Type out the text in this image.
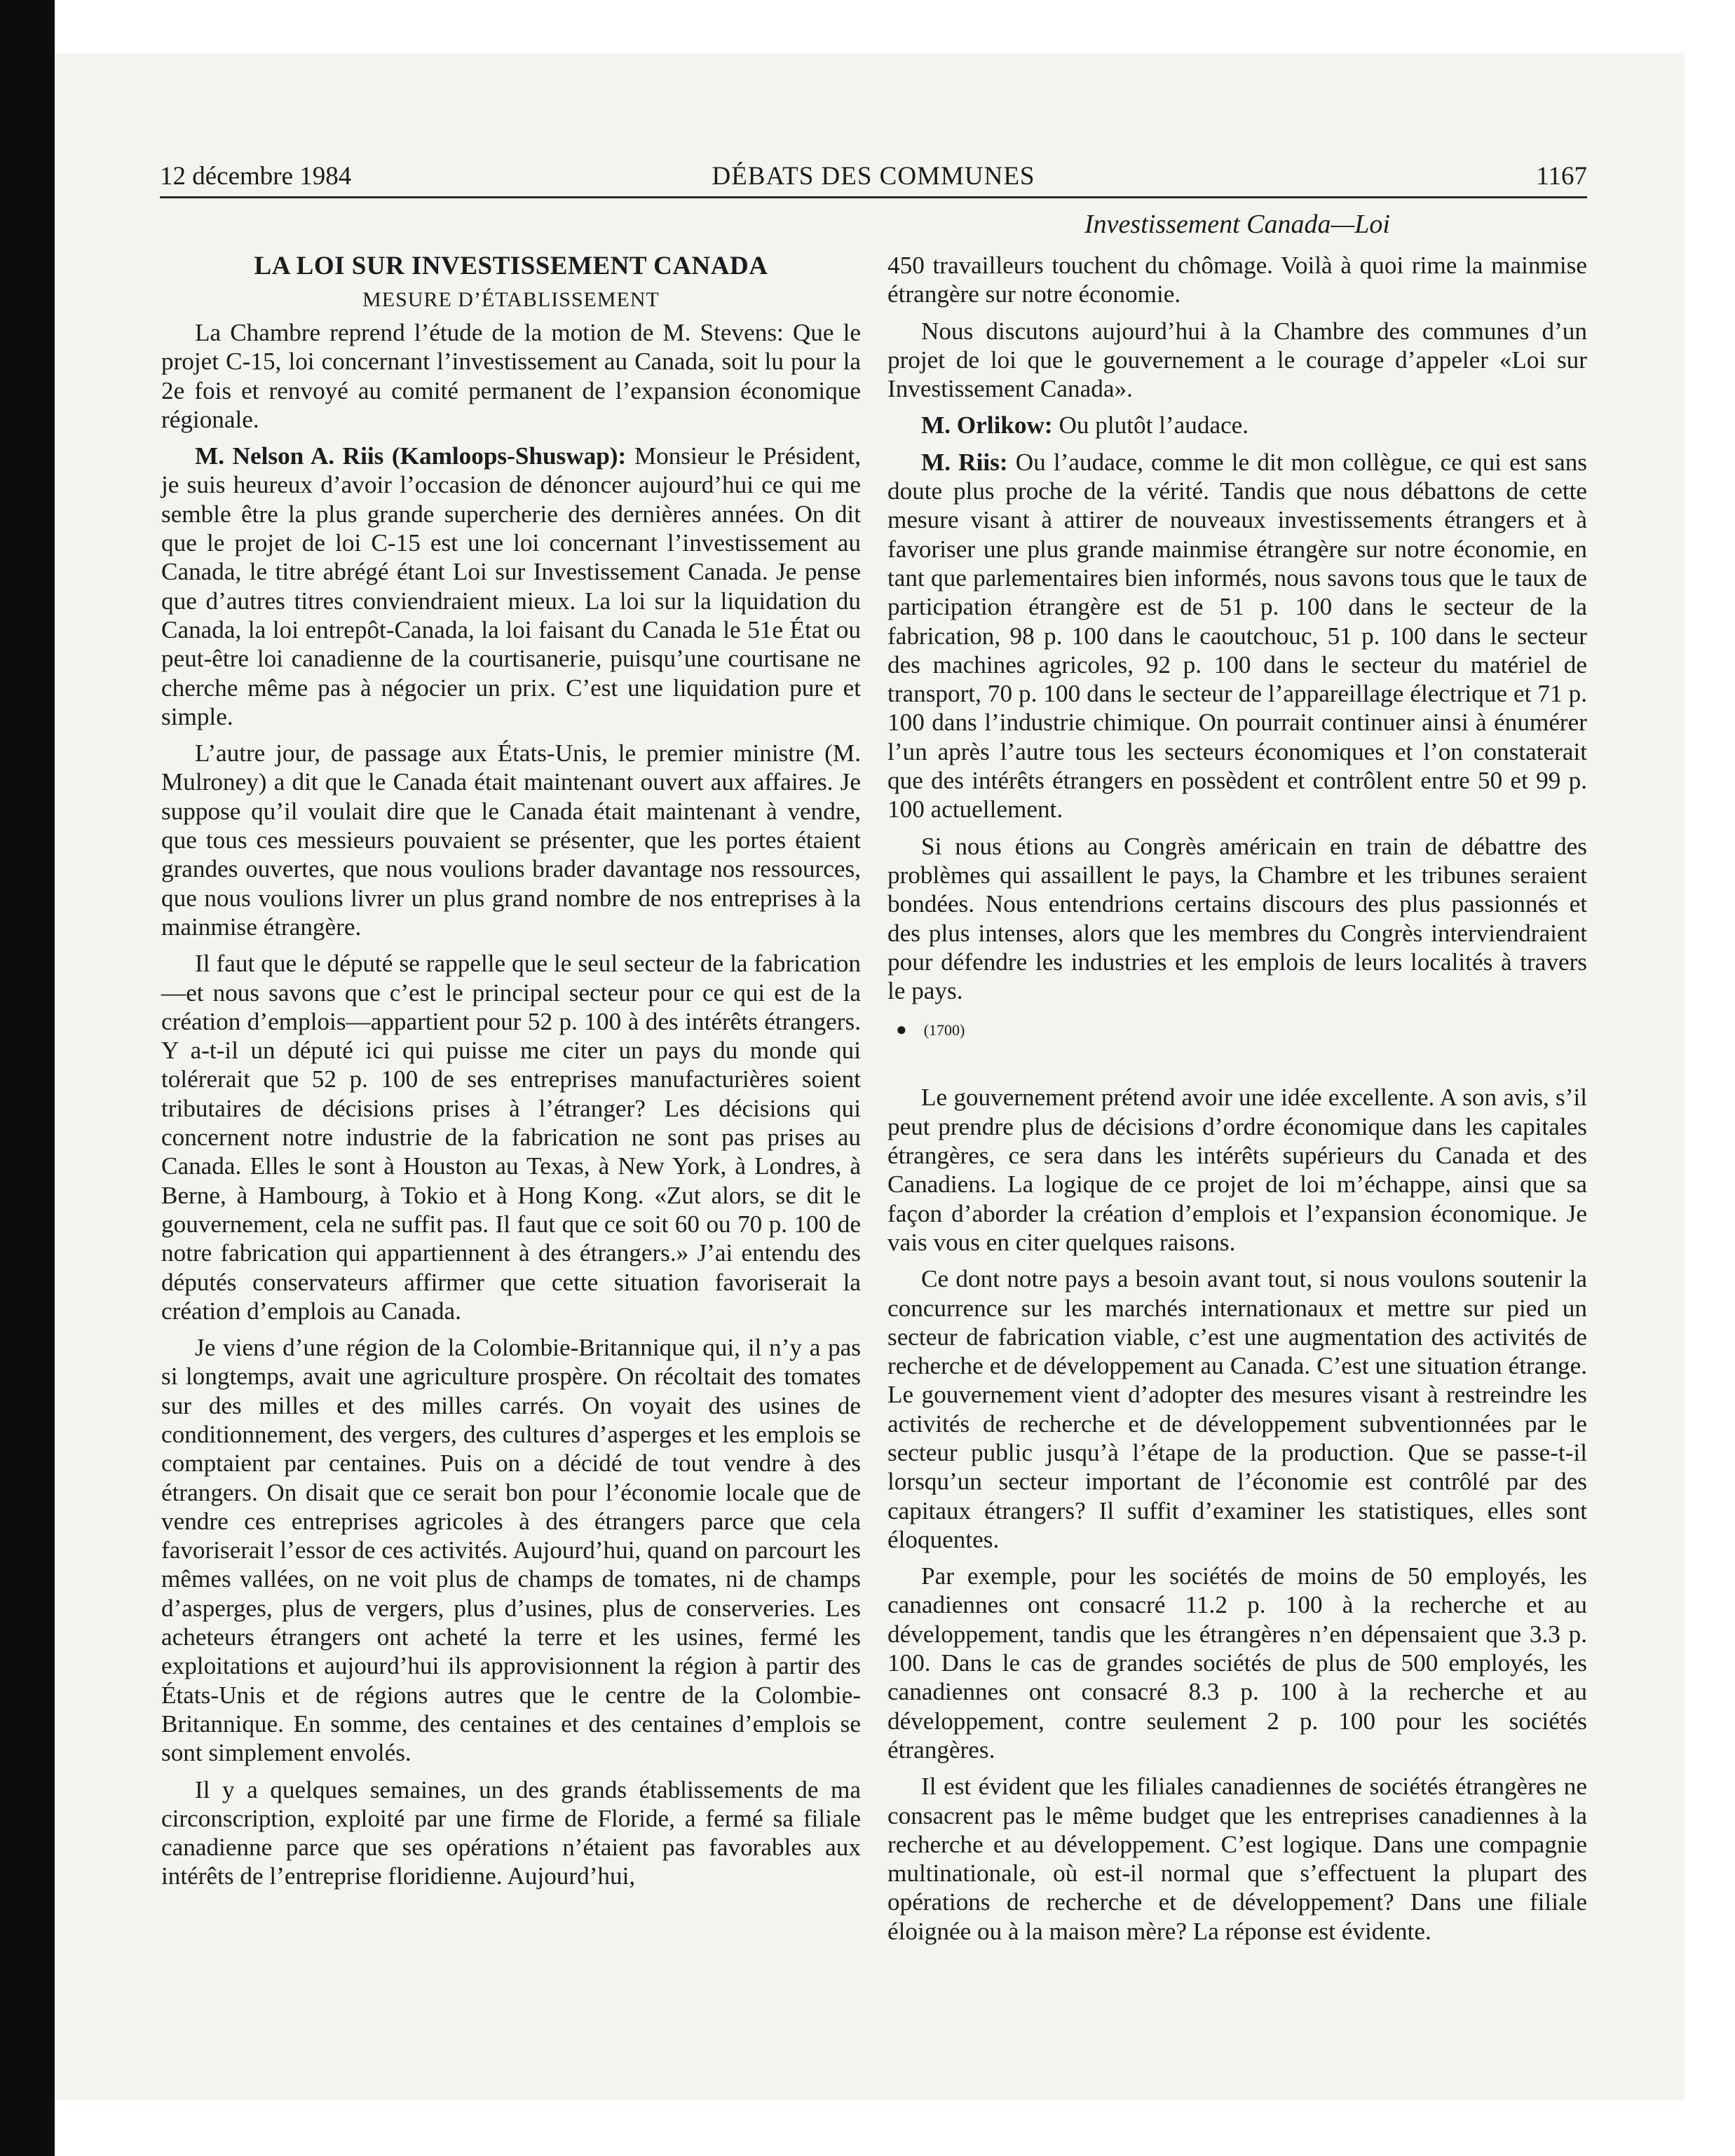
12 décembre 1984	DÉBATS DES COMMUNES	1167
Investissement Canada—Loi
LA LOI SUR INVESTISSEMENT CANADA
MESURE D’ÉTABLISSEMENT

La Chambre reprend l’étude de la motion de M. Stevens: Que le projet C-15, loi concernant l’investissement au Canada, soit lu pour la 2e fois et renvoyé au comité permanent de l’expansion économique régionale.

M. Nelson A. Riis (Kamloops-Shuswap): Monsieur le Président, je suis heureux d’avoir l’occasion de dénoncer aujourd’hui ce qui me semble être la plus grande supercherie des dernières années. On dit que le projet de loi C-15 est une loi concernant l’investissement au Canada, le titre abrégé étant Loi sur Investissement Canada. Je pense que d’autres titres conviendraient mieux. La loi sur la liquidation du Canada, la loi entrepôt-Canada, la loi faisant du Canada le 51e État ou peut-être loi canadienne de la courtisanerie, puisqu’une courtisane ne cherche même pas à négocier un prix. C’est une liquidation pure et simple.

L’autre jour, de passage aux États-Unis, le premier ministre (M. Mulroney) a dit que le Canada était maintenant ouvert aux affaires. Je suppose qu’il voulait dire que le Canada était maintenant à vendre, que tous ces messieurs pouvaient se présenter, que les portes étaient grandes ouvertes, que nous voulions brader davantage nos ressources, que nous voulions livrer un plus grand nombre de nos entreprises à la mainmise étrangère.

Il faut que le député se rappelle que le seul secteur de la fabrication—et nous savons que c’est le principal secteur pour ce qui est de la création d’emplois—appartient pour 52 p. 100 à des intérêts étrangers. Y a-t-il un député ici qui puisse me citer un pays du monde qui tolérerait que 52 p. 100 de ses entreprises manufacturières soient tributaires de décisions prises à l’étranger? Les décisions qui concernent notre industrie de la fabrication ne sont pas prises au Canada. Elles le sont à Houston au Texas, à New York, à Londres, à Berne, à Hambourg, à Tokio et à Hong Kong. «Zut alors, se dit le gouvernement, cela ne suffit pas. Il faut que ce soit 60 ou 70 p. 100 de notre fabrication qui appartiennent à des étrangers.» J’ai entendu des députés conservateurs affirmer que cette situation favoriserait la création d’emplois au Canada.

Je viens d’une région de la Colombie-Britannique qui, il n’y a pas si longtemps, avait une agriculture prospère. On récoltait des tomates sur des milles et des milles carrés. On voyait des usines de conditionnement, des vergers, des cultures d’asperges et les emplois se comptaient par centaines. Puis on a décidé de tout vendre à des étrangers. On disait que ce serait bon pour l’économie locale que de vendre ces entreprises agricoles à des étrangers parce que cela favoriserait l’essor de ces activités. Aujourd’hui, quand on parcourt les mêmes vallées, on ne voit plus de champs de tomates, ni de champs d’asperges, plus de vergers, plus d’usines, plus de conserveries. Les acheteurs étrangers ont acheté la terre et les usines, fermé les exploitations et aujourd’hui ils approvisionnent la région à partir des États-Unis et de régions autres que le centre de la Colombie-Britannique. En somme, des centaines et des centaines d’emplois se sont simplement envolés.

Il y a quelques semaines, un des grands établissements de ma circonscription, exploité par une firme de Floride, a fermé sa filiale canadienne parce que ses opérations n’étaient pas favorables aux intérêts de l’entreprise floridienne. Aujourd’hui,

450 travailleurs touchent du chômage. Voilà à quoi rime la mainmise étrangère sur notre économie.

Nous discutons aujourd’hui à la Chambre des communes d’un projet de loi que le gouvernement a le courage d’appeler «Loi sur Investissement Canada».

M. Orlikow: Ou plutôt l’audace.

M. Riis: Ou l’audace, comme le dit mon collègue, ce qui est sans doute plus proche de la vérité. Tandis que nous débattons de cette mesure visant à attirer de nouveaux investissements étrangers et à favoriser une plus grande mainmise étrangère sur notre économie, en tant que parlementaires bien informés, nous savons tous que le taux de participation étrangère est de 51 p. 100 dans le secteur de la fabrication, 98 p. 100 dans le caoutchouc, 51 p. 100 dans le secteur des machines agricoles, 92 p. 100 dans le secteur du matériel de transport, 70 p. 100 dans le secteur de l’appareillage électrique et 71 p. 100 dans l’industrie chimique. On pourrait continuer ainsi à énumérer l’un après l’autre tous les secteurs économiques et l’on constaterait que des intérêts étrangers en possèdent et contrôlent entre 50 et 99 p. 100 actuellement.

Si nous étions au Congrès américain en train de débattre des problèmes qui assaillent le pays, la Chambre et les tribunes seraient bondées. Nous entendrions certains discours des plus passionnés et des plus intenses, alors que les membres du Congrès interviendraient pour défendre les industries et les emplois de leurs localités à travers le pays.

● (1700)

Le gouvernement prétend avoir une idée excellente. A son avis, s’il peut prendre plus de décisions d’ordre économique dans les capitales étrangères, ce sera dans les intérêts supérieurs du Canada et des Canadiens. La logique de ce projet de loi m’échappe, ainsi que sa façon d’aborder la création d’emplois et l’expansion économique. Je vais vous en citer quelques raisons.

Ce dont notre pays a besoin avant tout, si nous voulons soutenir la concurrence sur les marchés internationaux et mettre sur pied un secteur de fabrication viable, c’est une augmentation des activités de recherche et de développement au Canada. C’est une situation étrange. Le gouvernement vient d’adopter des mesures visant à restreindre les activités de recherche et de développement subventionnées par le secteur public jusqu’à l’étape de la production. Que se passe-t-il lorsqu’un secteur important de l’économie est contrôlé par des capitaux étrangers? Il suffit d’examiner les statistiques, elles sont éloquentes.

Par exemple, pour les sociétés de moins de 50 employés, les canadiennes ont consacré 11.2 p. 100 à la recherche et au développement, tandis que les étrangères n’en dépensaient que 3.3 p. 100. Dans le cas de grandes sociétés de plus de 500 employés, les canadiennes ont consacré 8.3 p. 100 à la recherche et au développement, contre seulement 2 p. 100 pour les sociétés étrangères.

Il est évident que les filiales canadiennes de sociétés étrangères ne consacrent pas le même budget que les entreprises canadiennes à la recherche et au développement. C’est logique. Dans une compagnie multinationale, où est-il normal que s’effectuent la plupart des opérations de recherche et de développement? Dans une filiale éloignée ou à la maison mère? La réponse est évidente.
